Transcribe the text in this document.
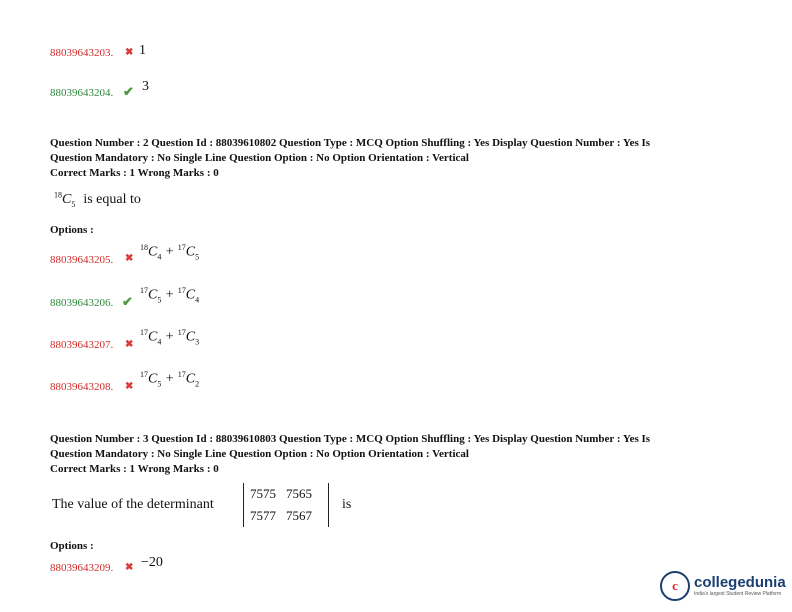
88039643203. ✖ 1
88039643204. ✔ 3
Question Number : 2 Question Id : 88039610802 Question Type : MCQ Option Shuffling : Yes Display Question Number : Yes Is
Question Mandatory : No Single Line Question Option : No Option Orientation : Vertical
Correct Marks : 1 Wrong Marks : 0
$^{18}C_5$ is equal to
Options :
88039643205. ✖
$^{18}C_4 + ^{17}C_5$
88039643206. ✔
$^{17}C_5 + ^{17}C_4$
88039643207. ✖
$^{17}C_4 + ^{17}C_3$
88039643208. ✖
$^{17}C_5 + ^{17}C_2$
Question Number : 3 Question Id : 88039610803 Question Type : MCQ Option Shuffling : Yes Display Question Number : Yes Is
Question Mandatory : No Single Line Question Option : No Option Orientation : Vertical
Correct Marks : 1 Wrong Marks : 0
The value of the determinant
7575 7565
7577 7567
is
Options :
88039643209. ✖ −20
c	collegedunia
India's largest Student Review Platform
